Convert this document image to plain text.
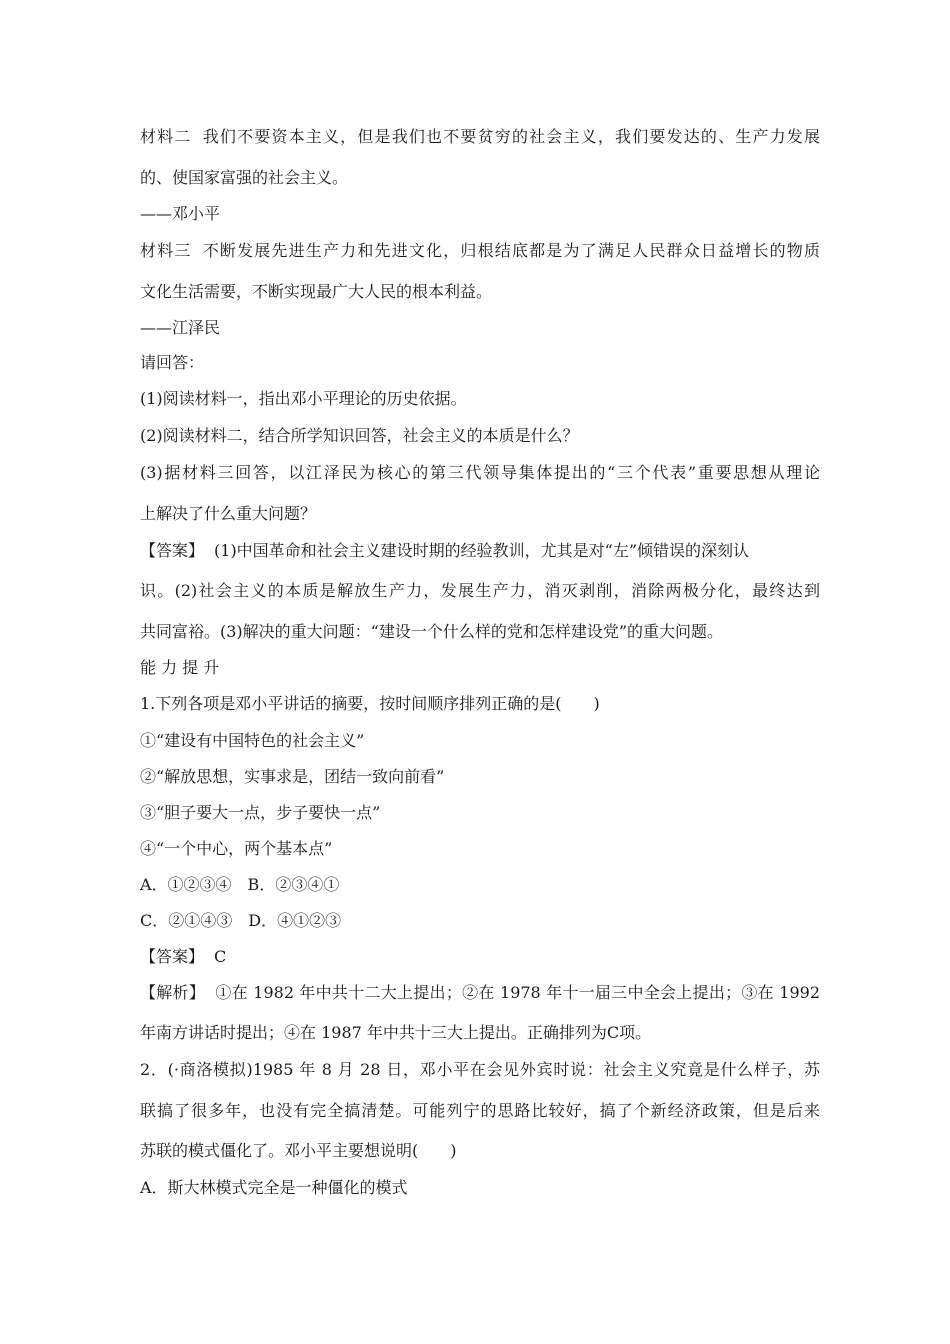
材料二 我们不要资本主义，但是我们也不要贫穷的社会主义，我们要发达的、生产力发展
的、使国家富强的社会主义。
——邓小平
材料三 不断发展先进生产力和先进文化，归根结底都是为了满足人民群众日益增长的物质
文化生活需要，不断实现最广大人民的根本利益。
——江泽民
请回答：
(1)阅读材料一，指出邓小平理论的历史依据。
(2)阅读材料二，结合所学知识回答，社会主义的本质是什么？
(3)据材料三回答，以江泽民为核心的第三代领导集体提出的“三个代表”重要思想从理论
上解决了什么重大问题？
【答案】 (1)中国革命和社会主义建设时期的经验教训，尤其是对“左”倾错误的深刻认
识。(2)社会主义的本质是解放生产力，发展生产力，消灭剥削，消除两极分化，最终达到
共同富裕。(3)解决的重大问题：“建设一个什么样的党和怎样建设党”的重大问题。
能 力 提 升
1.下列各项是邓小平讲话的摘要，按时间顺序排列正确的是(　　)
①“建设有中国特色的社会主义”
②“解放思想，实事求是，团结一致向前看”
③“胆子要大一点，步子要快一点”
④“一个中心，两个基本点”
A．①②③④　B．②③④①
C．②①④③　D．④①②③
【答案】 C
【解析】 ①在 1982 年中共十二大上提出；②在 1978 年十一届三中全会上提出；③在 1992
年南方讲话时提出；④在 1987 年中共十三大上提出。正确排列为C项。
2．(·商洛模拟)1985 年 8 月 28 日，邓小平在会见外宾时说：社会主义究竟是什么样子，苏
联搞了很多年，也没有完全搞清楚。可能列宁的思路比较好，搞了个新经济政策，但是后来
苏联的模式僵化了。邓小平主要想说明(　　)
A．斯大林模式完全是一种僵化的模式
